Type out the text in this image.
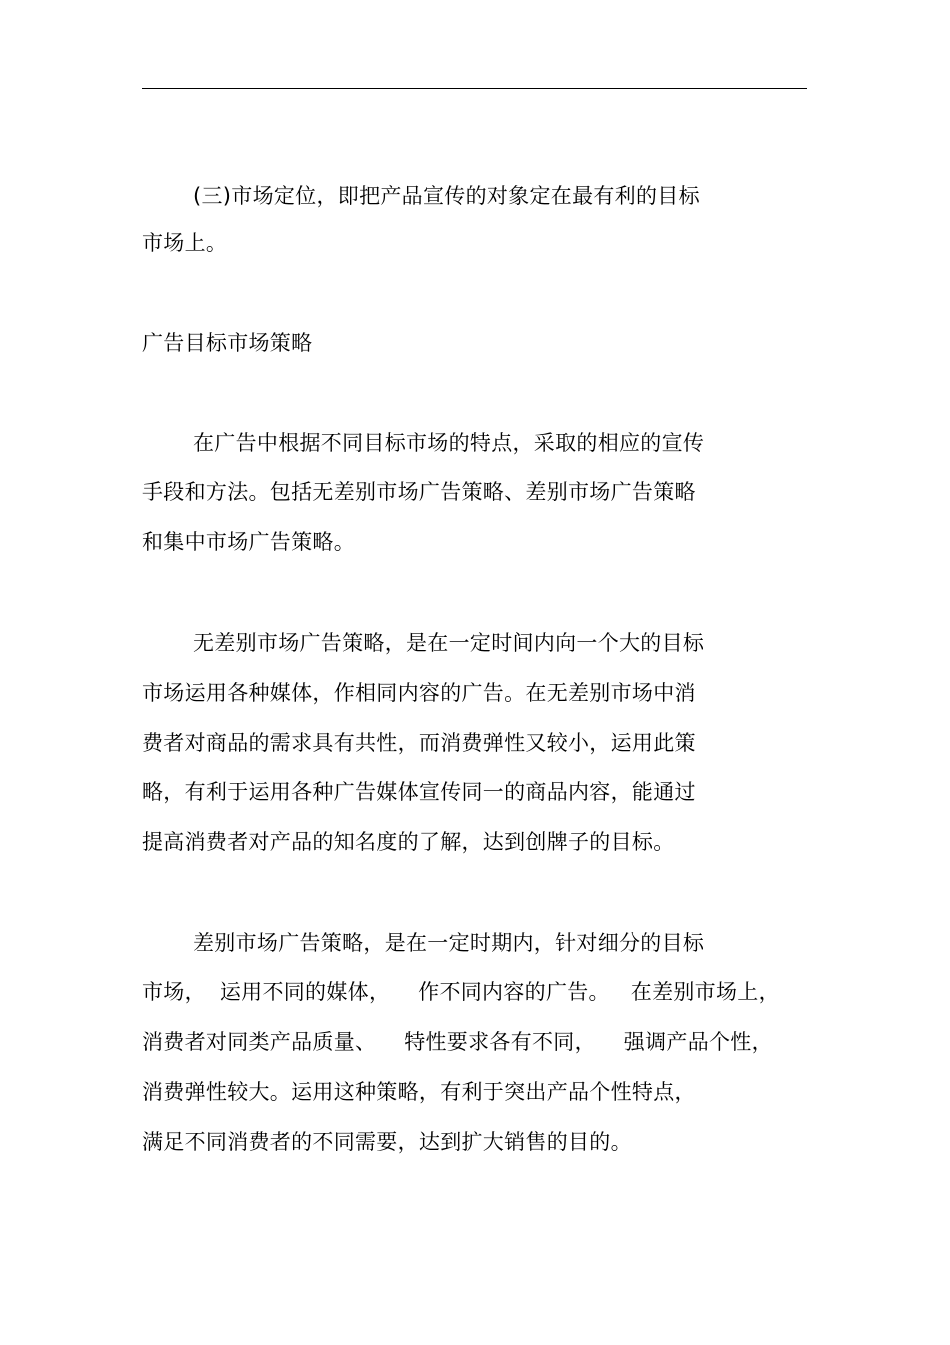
(三)市场定位，即把产品宣传的对象定在最有利的目标
市场上。
广告目标市场策略
在广告中根据不同目标市场的特点，采取的相应的宣传
手段和方法。包括无差别市场广告策略、差别市场广告策略
和集中市场广告策略。
无差别市场广告策略，是在一定时间内向一个大的目标
市场运用各种媒体，作相同内容的广告。在无差别市场中消
费者对商品的需求具有共性，而消费弹性又较小，运用此策
略，有利于运用各种广告媒体宣传同一的商品内容，能通过
提高消费者对产品的知名度的了解，达到创牌子的目标。
差别市场广告策略，是在一定时期内，针对细分的目标
市场，  运用不同的媒体，    作不同内容的广告。   在差别市场上，
消费者对同类产品质量、    特性要求各有不同，    强调产品个性，
消费弹性较大。运用这种策略，有利于突出产品个性特点，
满足不同消费者的不同需要，达到扩大销售的目的。
